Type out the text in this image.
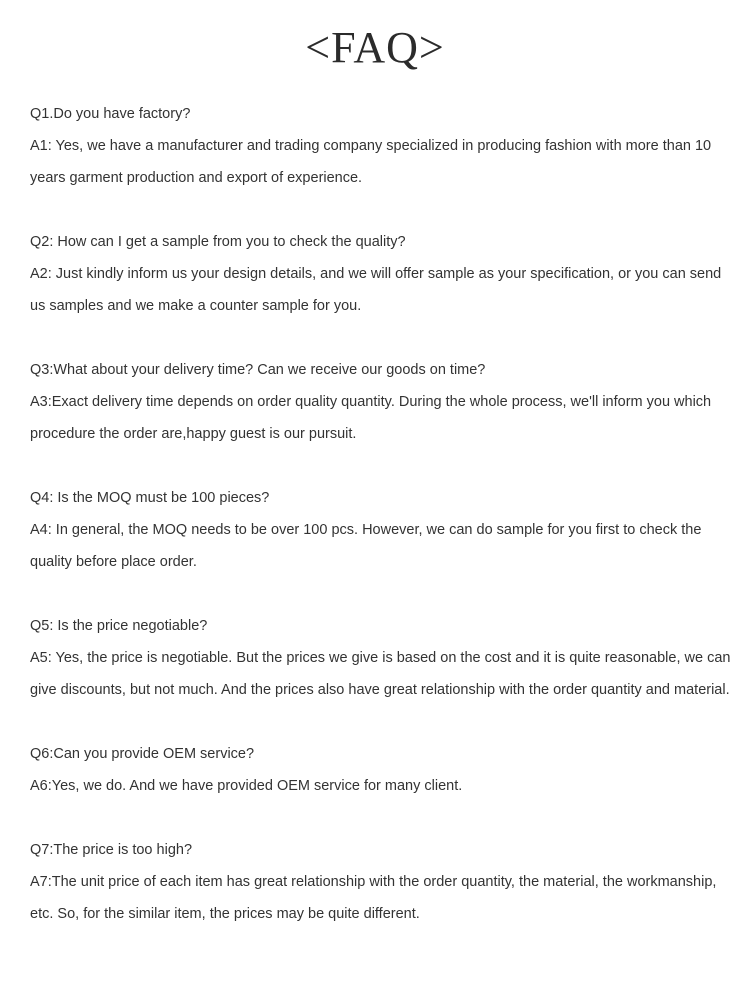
<FAQ>

Q1.Do you have factory?

A1: Yes, we have a manufacturer and trading company specialized in producing fashion with more than 10 years garment production and export of experience.

Q2: How can I get a sample from you to check the quality?

A2: Just kindly inform us your design details, and we will offer sample as your specification, or you can send us samples and we make a counter sample for you.

Q3:What about your delivery time? Can we receive our goods on time?

A3:Exact delivery time depends on order quality quantity. During the whole process, we'll inform you which procedure the order are,happy guest is our pursuit.

Q4: Is the MOQ must be 100 pieces?

A4: In general, the MOQ needs to be over 100 pcs. However, we can do sample for you first to check the quality before place order.

Q5: Is the price negotiable?

A5: Yes, the price is negotiable. But the prices we give is based on the cost and it is quite reasonable, we can give discounts, but not much. And the prices also have great relationship with the order quantity and material.

Q6:Can you provide OEM service?

A6:Yes, we do. And we have provided OEM service for many client.

Q7:The price is too high?

A7:The unit price of each item has great relationship with the order quantity, the material, the workmanship, etc. So, for the similar item, the prices may be quite different.
